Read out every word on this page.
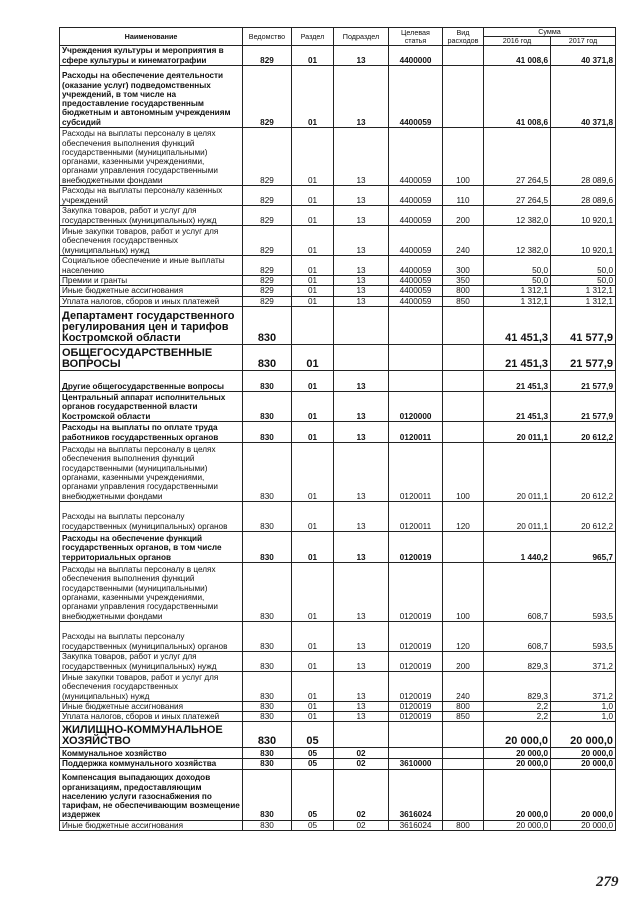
Наименование	Ведомство	Раздел	Подраздел	Целевая статья	Вид расходов	Сумма	
						2016 год	2017 год
Учреждения культуры и мероприятия в сфере культуры и кинематографии	829	01	13	4400000		41 008,6	40 371,8
Расходы на обеспечение деятельности (оказание услуг) подведомственных учреждений, в том числе на предоставление государственным бюджетным и автономным учреждениям субсидий	829	01	13	4400059		41 008,6	40 371,8
Расходы на выплаты персоналу в целях обеспечения выполнения функций государственными (муниципальными) органами, казенными учреждениями, органами управления государственными внебюджетными фондами	829	01	13	4400059	100	27 264,5	28 089,6
Расходы на выплаты персоналу казенных учреждений	829	01	13	4400059	110	27 264,5	28 089,6
Закупка товаров, работ и услуг для государственных (муниципальных) нужд	829	01	13	4400059	200	12 382,0	10 920,1
Иные закупки товаров, работ и услуг для обеспечения государственных (муниципальных) нужд	829	01	13	4400059	240	12 382,0	10 920,1
Социальное обеспечение и иные выплаты населению	829	01	13	4400059	300	50,0	50,0
Премии и гранты	829	01	13	4400059	350	50,0	50,0
Иные бюджетные ассигнования	829	01	13	4400059	800	1 312,1	1 312,1
Уплата налогов, сборов и иных платежей	829	01	13	4400059	850	1 312,1	1 312,1
Департамент государственного регулирования цен и тарифов Костромской области	830					41 451,3	41 577,9
ОБЩЕГОСУДАРСТВЕННЫЕ ВОПРОСЫ	830	01				21 451,3	21 577,9
Другие общегосударственные вопросы	830	01	13			21 451,3	21 577,9
Центральный аппарат исполнительных органов государственной власти Костромской области	830	01	13	0120000		21 451,3	21 577,9
Расходы на выплаты по оплате труда работников государственных органов	830	01	13	0120011		20 011,1	20 612,2
Расходы на выплаты персоналу в целях обеспечения выполнения функций государственными (муниципальными) органами, казенными учреждениями, органами управления государственными внебюджетными фондами	830	01	13	0120011	100	20 011,1	20 612,2
Расходы на выплаты персоналу государственных (муниципальных) органов	830	01	13	0120011	120	20 011,1	20 612,2
Расходы на обеспечение функций государственных органов, в том числе территориальных органов	830	01	13	0120019		1 440,2	965,7
Расходы на выплаты персоналу в целях обеспечения выполнения функций государственными (муниципальными) органами, казенными учреждениями, органами управления государственными внебюджетными фондами	830	01	13	0120019	100	608,7	593,5
Расходы на выплаты персоналу государственных (муниципальных) органов	830	01	13	0120019	120	608,7	593,5
Закупка товаров, работ и услуг для государственных (муниципальных) нужд	830	01	13	0120019	200	829,3	371,2
Иные закупки товаров, работ и услуг для обеспечения государственных (муниципальных) нужд	830	01	13	0120019	240	829,3	371,2
Иные бюджетные ассигнования	830	01	13	0120019	800	2,2	1,0
Уплата налогов, сборов и иных платежей	830	01	13	0120019	850	2,2	1,0
ЖИЛИЩНО-КОММУНАЛЬНОЕ ХОЗЯЙСТВО	830	05				20 000,0	20 000,0
Коммунальное хозяйство	830	05	02			20 000,0	20 000,0
Поддержка коммунального хозяйства	830	05	02	3610000		20 000,0	20 000,0
Компенсация выпадающих доходов организациям, предоставляющим населению услуги газоснабжения по тарифам, не обеспечивающим возмещение издержек	830	05	02	3616024		20 000,0	20 000,0
Иные бюджетные ассигнования	830	05	02	3616024	800	20 000,0	20 000,0
279
